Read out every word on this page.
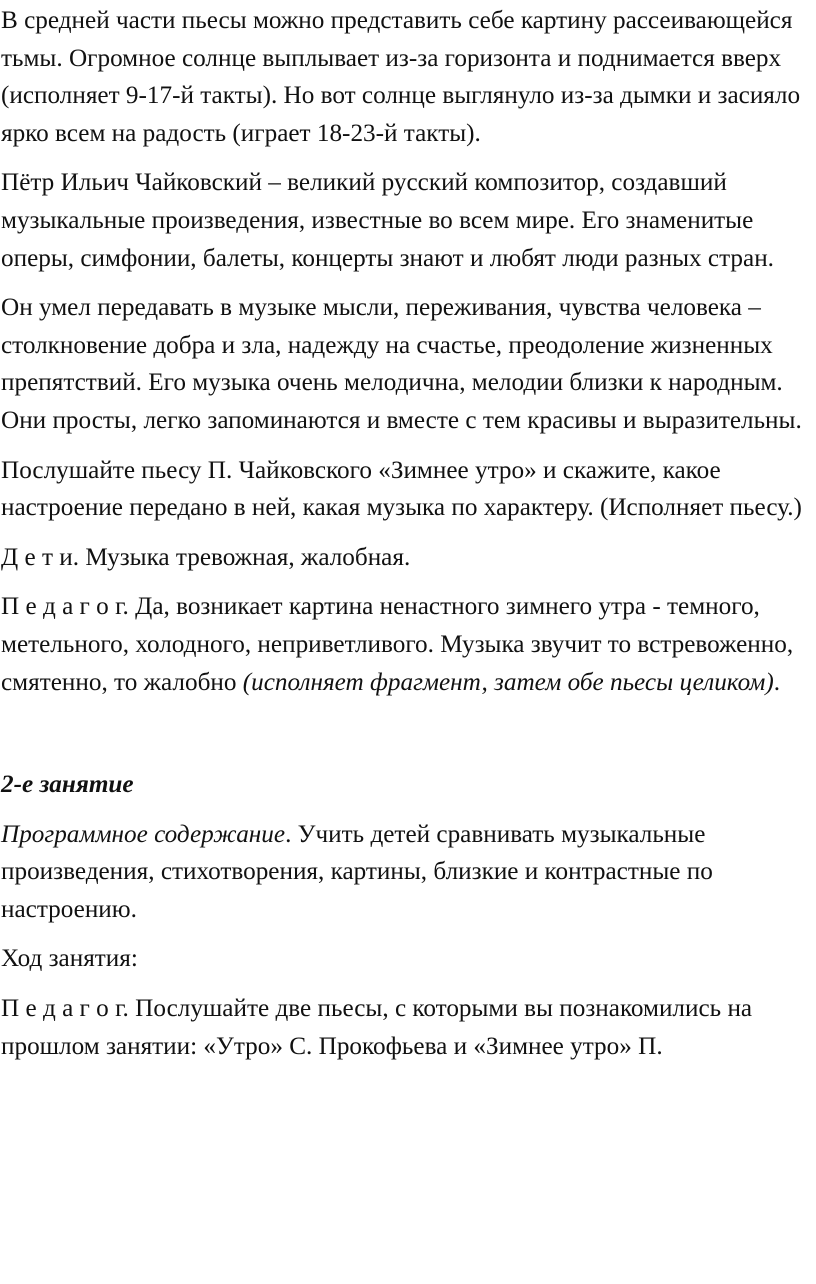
В средней части пьесы можно представить себе картину рассеивающейся тьмы. Огромное солнце выплывает из-за горизонта и поднимается вверх (исполняет 9-17-й такты). Но вот солнце выглянуло из-за дымки и засияло ярко всем на радость (играет 18-23-й такты).

Пётр Ильич Чайковский – великий русский композитор, создавший музыкальные произведения, известные во всем мире. Его знаменитые оперы, симфонии, балеты, концерты знают и любят люди разных стран.

Он умел передавать в музыке мысли, переживания, чувства человека – столкновение добра и зла, надежду на счастье, преодоление жизненных препятствий. Его музыка очень мелодична, мелодии близки к народным. Они просты, легко запоминаются и вместе с тем красивы и выразительны.

Послушайте пьесу П. Чайковского «Зимнее утро» и скажите, какое настроение передано в ней, какая музыка по характеру. (Исполняет пьесу.)

Д е т и. Музыка тревожная, жалобная.

П е д а г о г. Да, возникает картина ненастного зимнего утра - темного, метельного, холодного, неприветливого. Музыка звучит то встревоженно, смятенно, то жалобно (исполняет фрагмент, затем обе пьесы целиком).

2-е занятие

Программное содержание. Учить детей сравнивать музыкальные произведения, стихотворения, картины, близкие и контрастные по настроению.

Ход занятия:

П е д а г о г. Послушайте две пьесы, с которыми вы познакомились на прошлом занятии: «Утро» С. Прокофьева и «Зимнее утро» П.
